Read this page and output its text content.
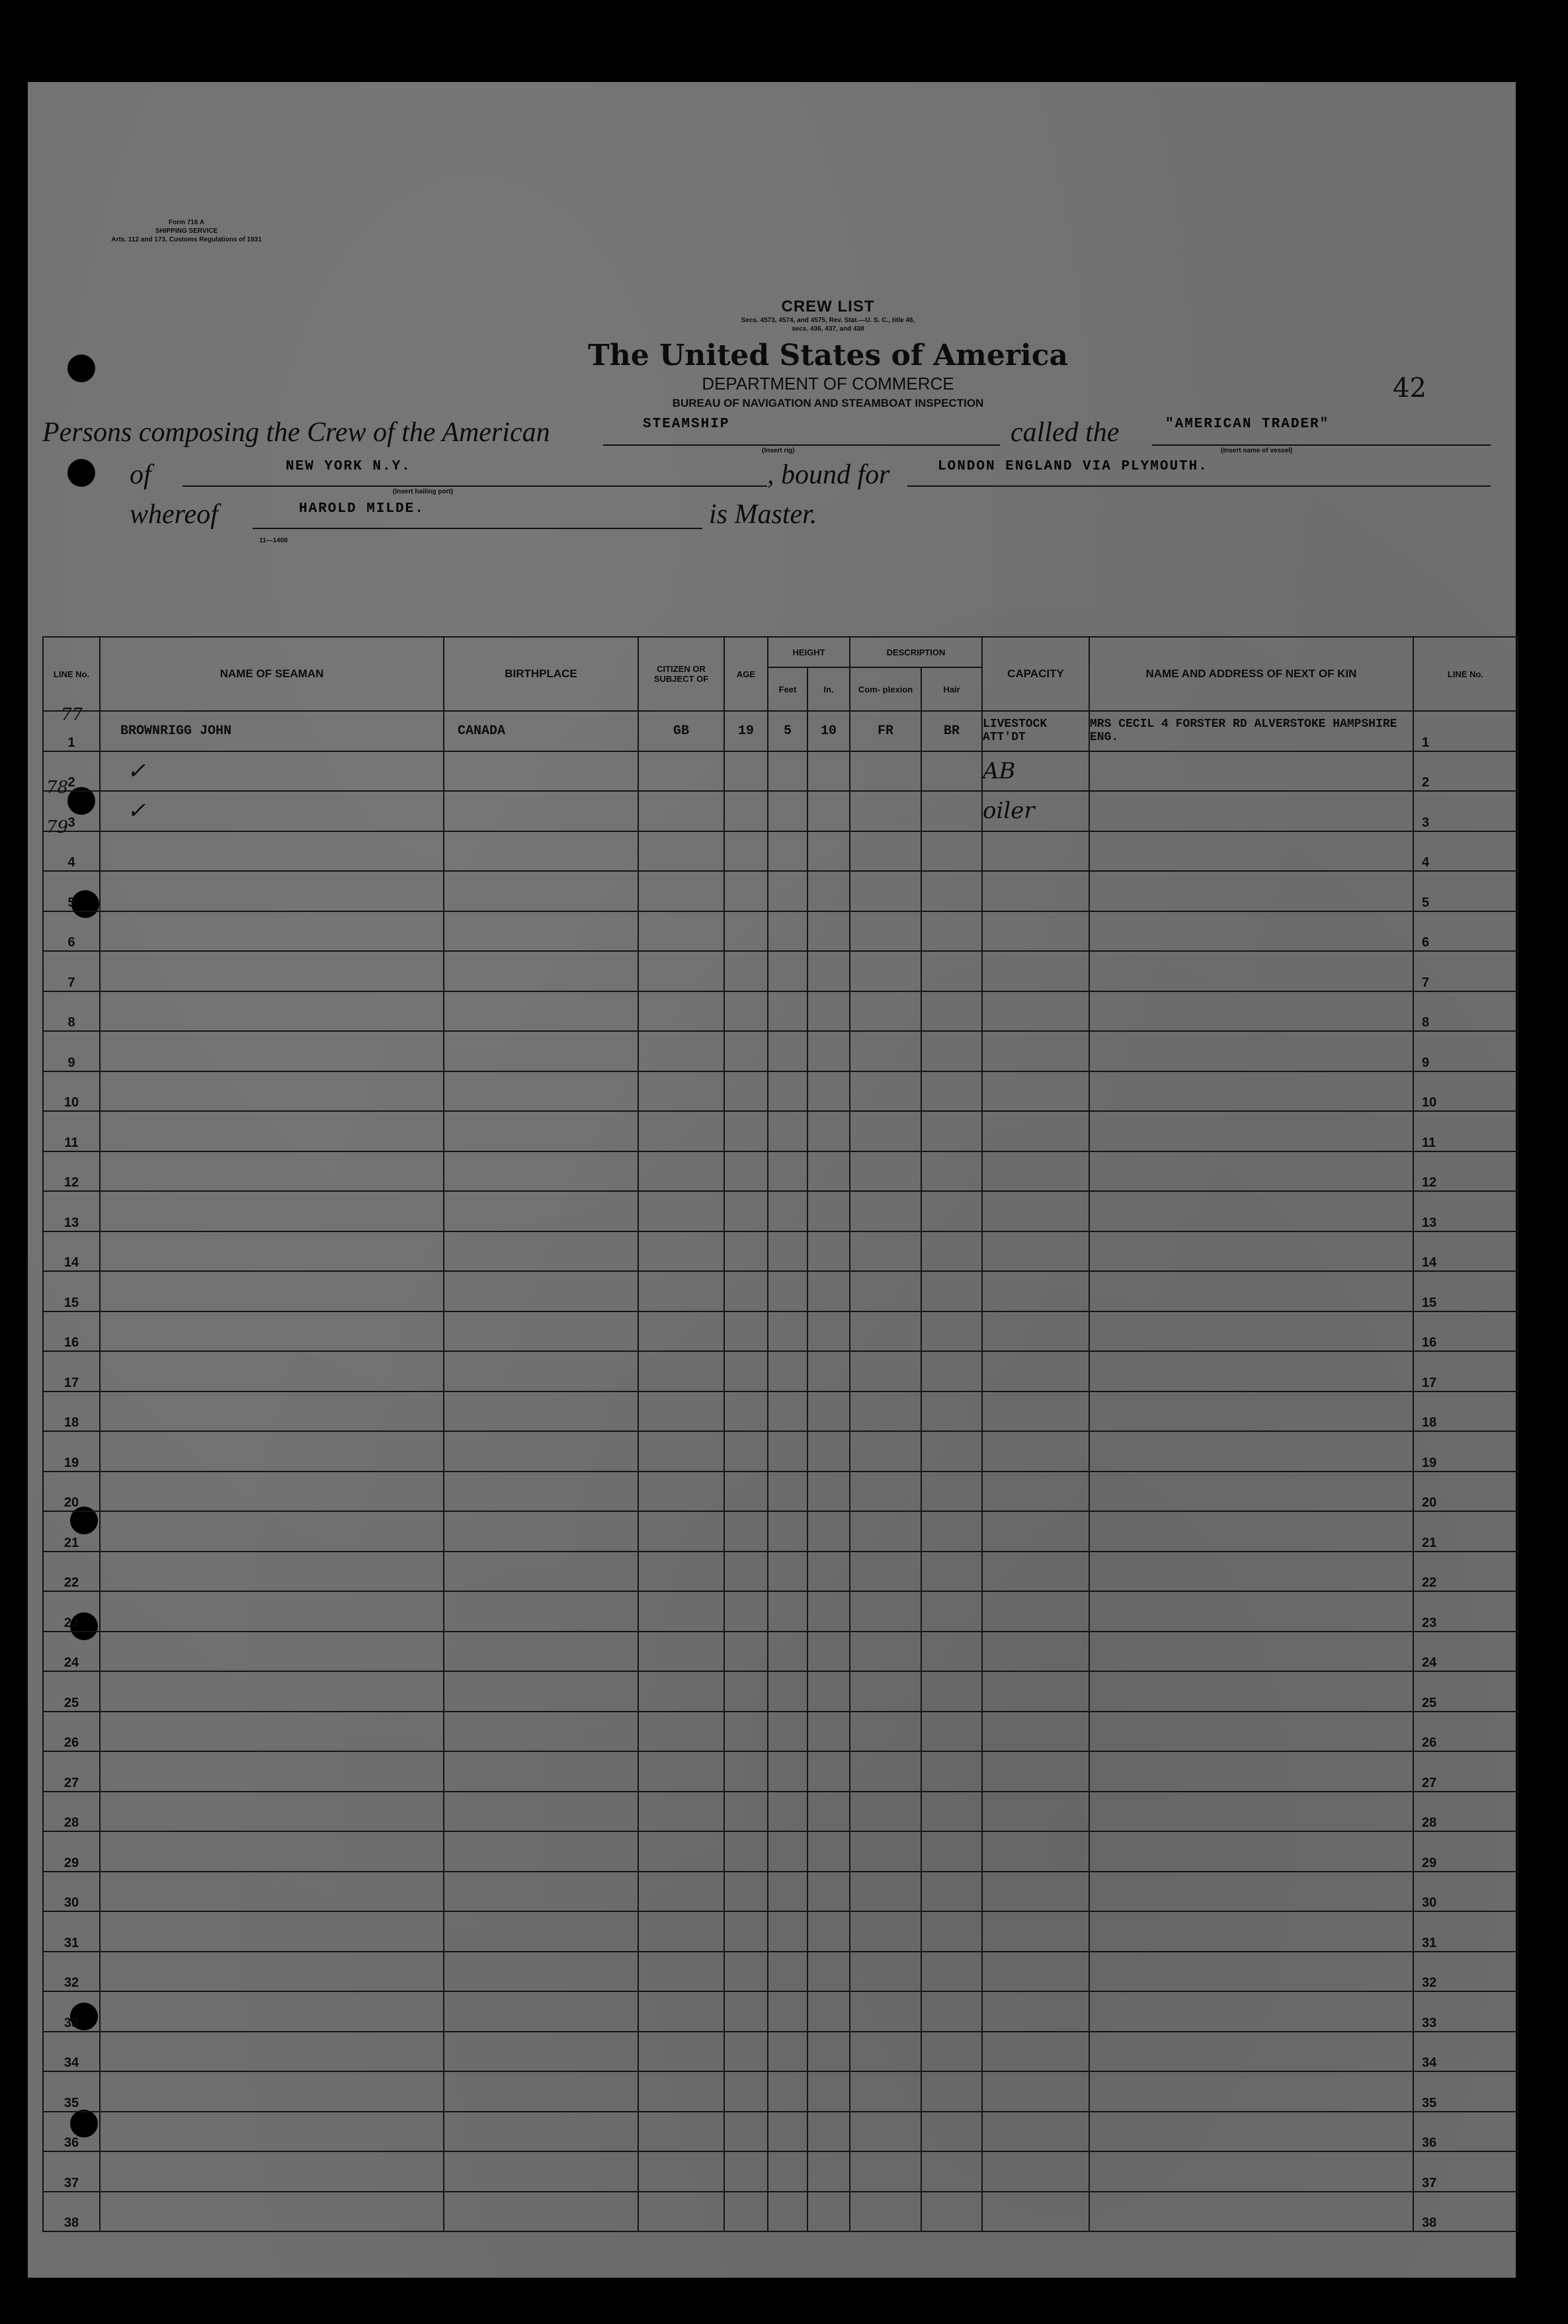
Form 716 A
SHIPPING SERVICE
Arts. 112 and 173, Customs Regulations of 1931
CREW LIST
Secs. 4573, 4574, and 4575, Rev. Stat.—U. S. C., title 46,
secs. 436, 437, and 438
The United States of America
DEPARTMENT OF COMMERCE
BUREAU OF NAVIGATION AND STEAMBOAT INSPECTION	42
Persons composing the Crew of the American	STEAMSHIP
(Insert rig)
called the	"AMERICAN TRADER"
(Insert name of vessel)
of	NEW YORK N.Y.
(Insert hailing port)
, bound for	LONDON ENGLAND VIA PLYMOUTH.
whereof	HAROLD MILDE.	is Master.
11—1408
LINE No.	NAME OF SEAMAN	BIRTHPLACE	CITIZEN OR SUBJECT OF	AGE	HEIGHT		DESCRIPTION		CAPACITY	NAME AND ADDRESS OF NEXT OF KIN	LINE No.
					Feet	In.	Com- plexion	Hair			
1	BROWNRIGG JOHN	CANADA	GB	19	5	10	FR	BR	LIVESTOCK ATT'DT	MRS CECIL 4 FORSTER RD ALVERSTOKE HAMPSHIRE ENG.	1
2	✓								AB		2
3	✓								oiler		3
4											4
5											5
6											6
7											7
8											8
9											9
10											10
11											11
12											12
13											13
14											14
15											15
16											16
17											17
18											18
19											19
20											20
21											21
22											22
23											23
24											24
25											25
26											26
27											27
28											28
29											29
30											30
31											31
32											32
33											33
34											34
35											35
36											36
37											37
38											38
77
78
79
